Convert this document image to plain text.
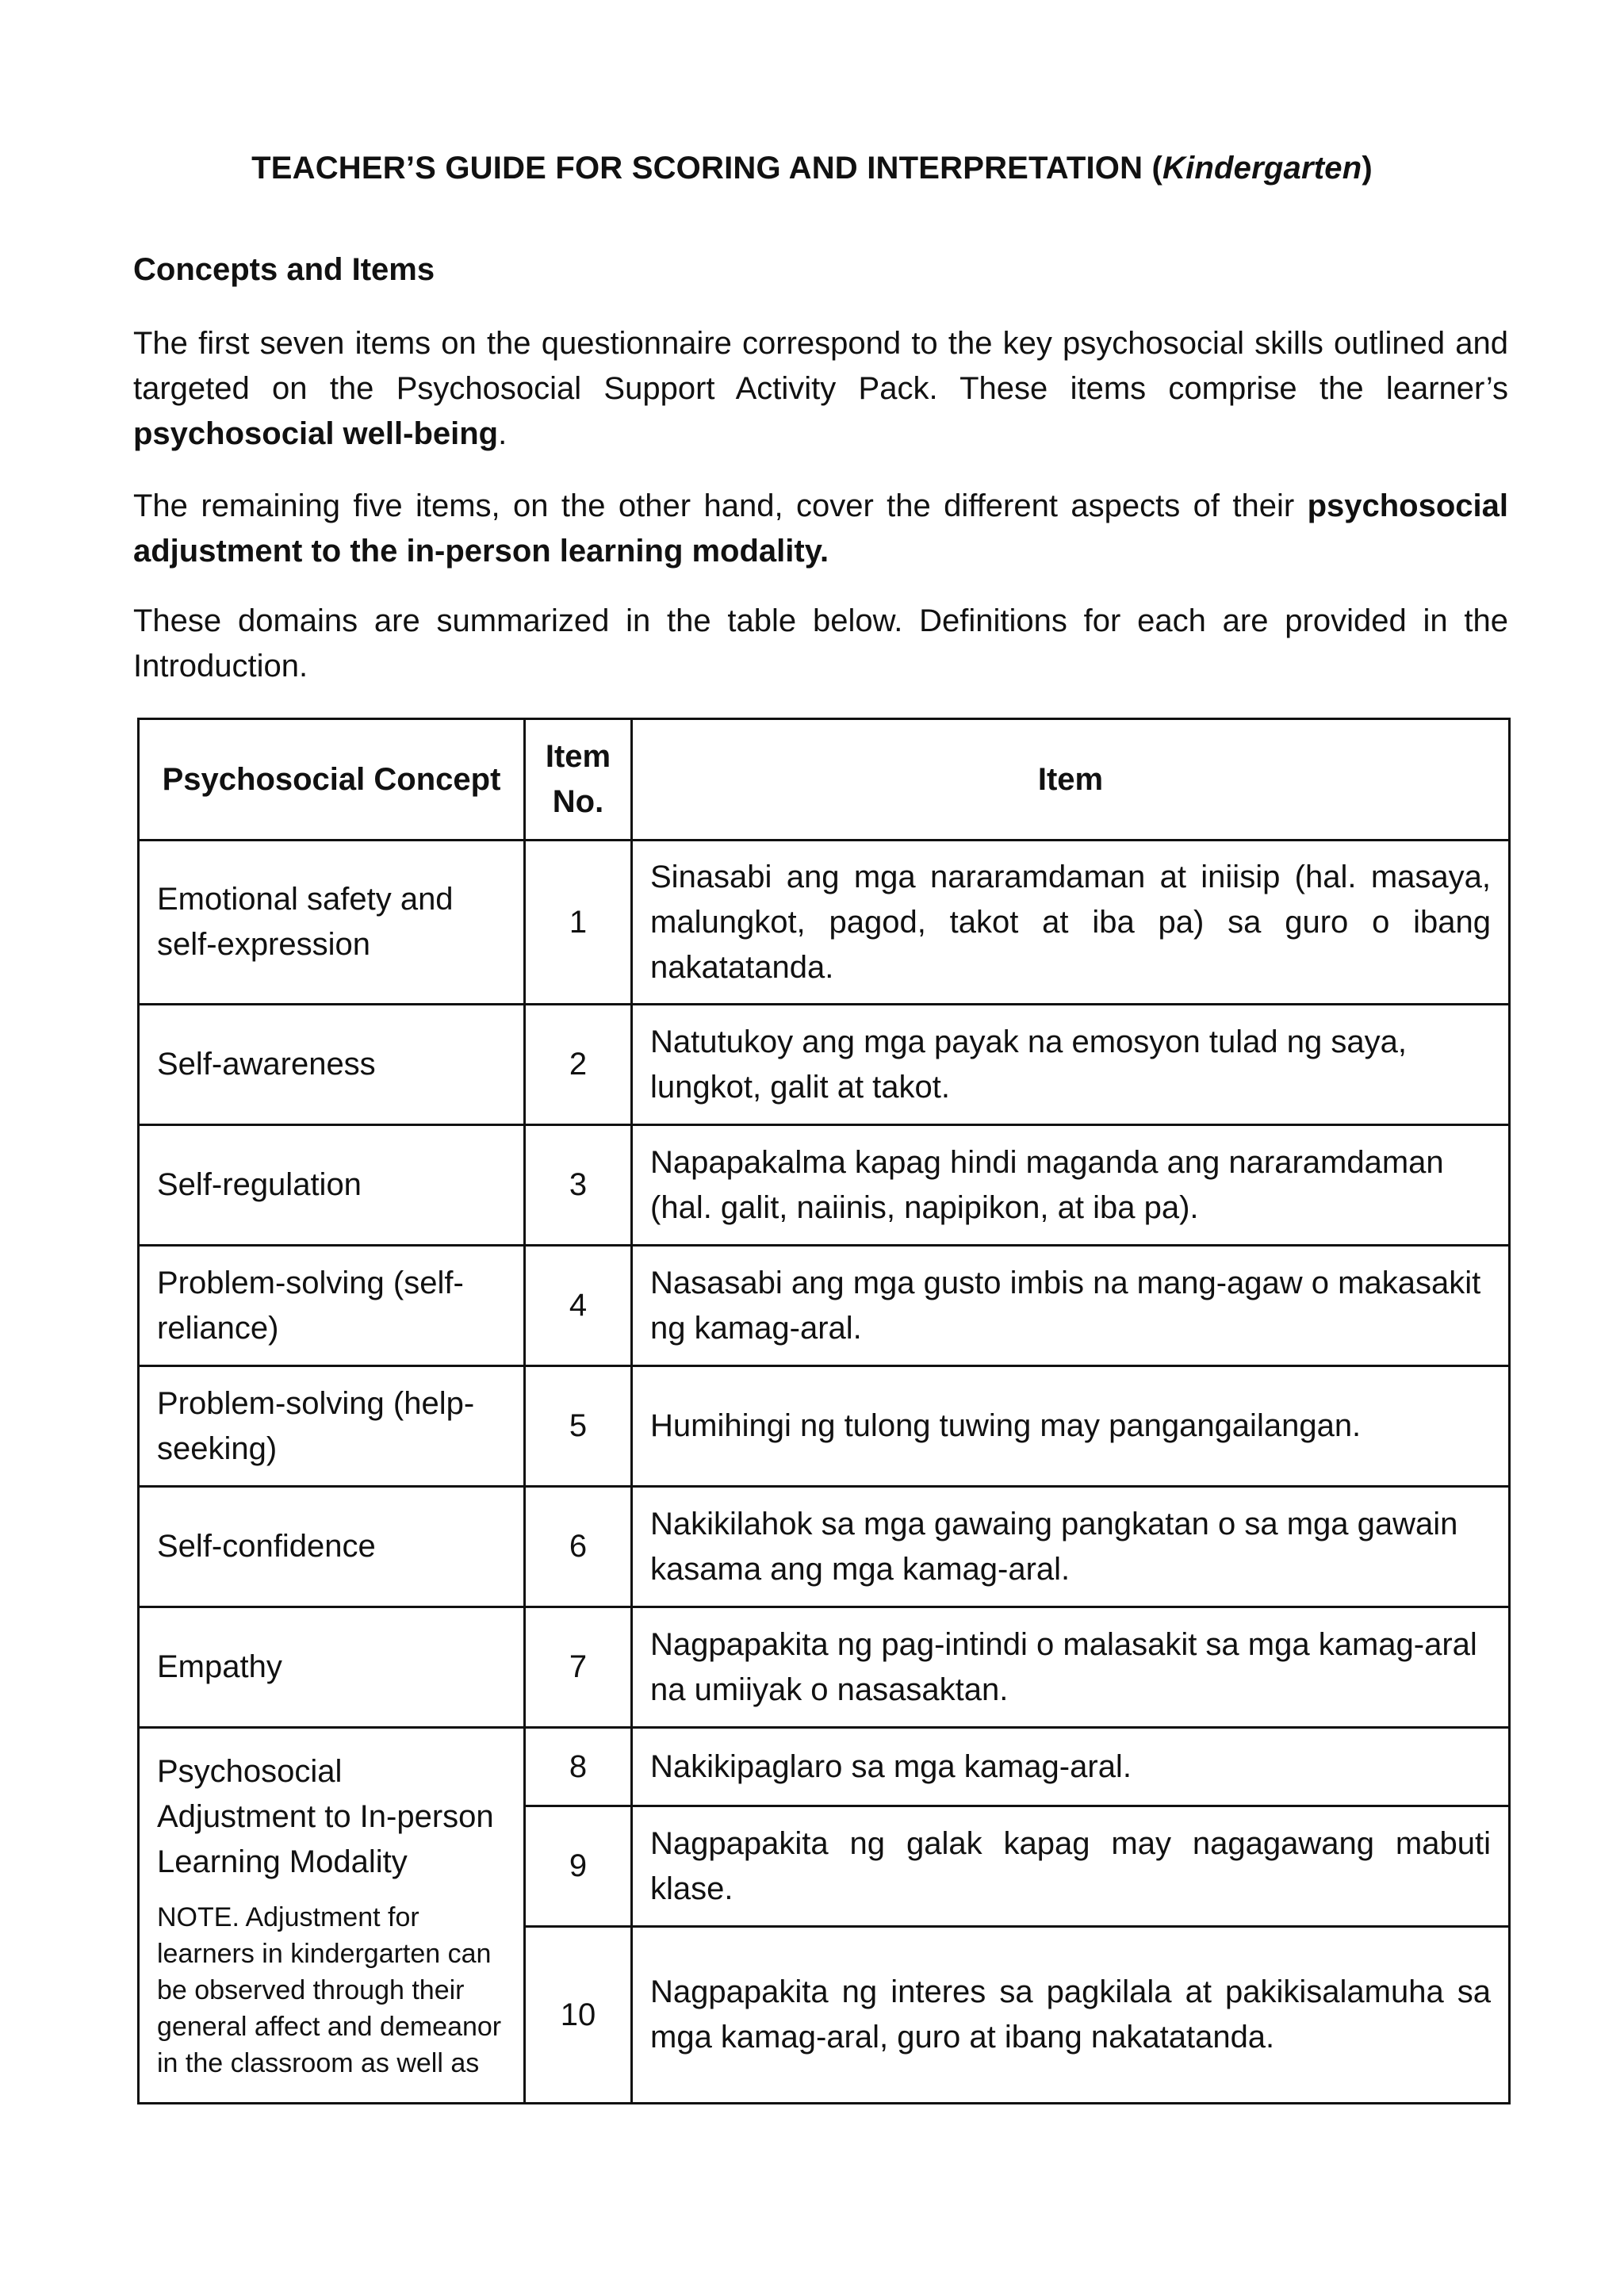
TEACHER’S GUIDE FOR SCORING AND INTERPRETATION (Kindergarten)
Concepts and Items
The first seven items on the questionnaire correspond to the key psychosocial skills outlined and targeted on the Psychosocial Support Activity Pack. These items comprise the learner’s psychosocial well-being.
The remaining five items, on the other hand, cover the different aspects of their psychosocial adjustment to the in-person learning modality.
These domains are summarized in the table below. Definitions for each are provided in the Introduction.
Psychosocial Concept	Item No.	Item
Emotional safety and self-expression	1	Sinasabi ang mga nararamdaman at iniisip (hal. masaya, malungkot, pagod, takot at iba pa) sa guro o ibang nakatatanda.
Self-awareness	2	Natutukoy ang mga payak na emosyon tulad ng saya, lungkot, galit at takot.
Self-regulation	3	Napapakalma kapag hindi maganda ang nararamdaman (hal. galit, naiinis, napipikon, at iba pa).
Problem-solving (self-reliance)	4	Nasasabi ang mga gusto imbis na mang-agaw o makasakit ng kamag-aral.
Problem-solving (help-seeking)	5	Humihingi ng tulong tuwing may pangangailangan.
Self-confidence	6	Nakikilahok sa mga gawaing pangkatan o sa mga gawain kasama ang mga kamag-aral.
Empathy	7	Nagpapakita ng pag-intindi o malasakit sa mga kamag-aral na umiiyak o nasasaktan.
Psychosocial Adjustment to In-person Learning Modality
NOTE. Adjustment for learners in kindergarten can be observed through their general affect and demeanor in the classroom as well as	8	Nakikipaglaro sa mga kamag-aral.
	9	Nagpapakita ng galak kapag may nagagawang mabuti klase.
	10	Nagpapakita ng interes sa pagkilala at pakikisalamuha sa mga kamag-aral, guro at ibang nakatatanda.
